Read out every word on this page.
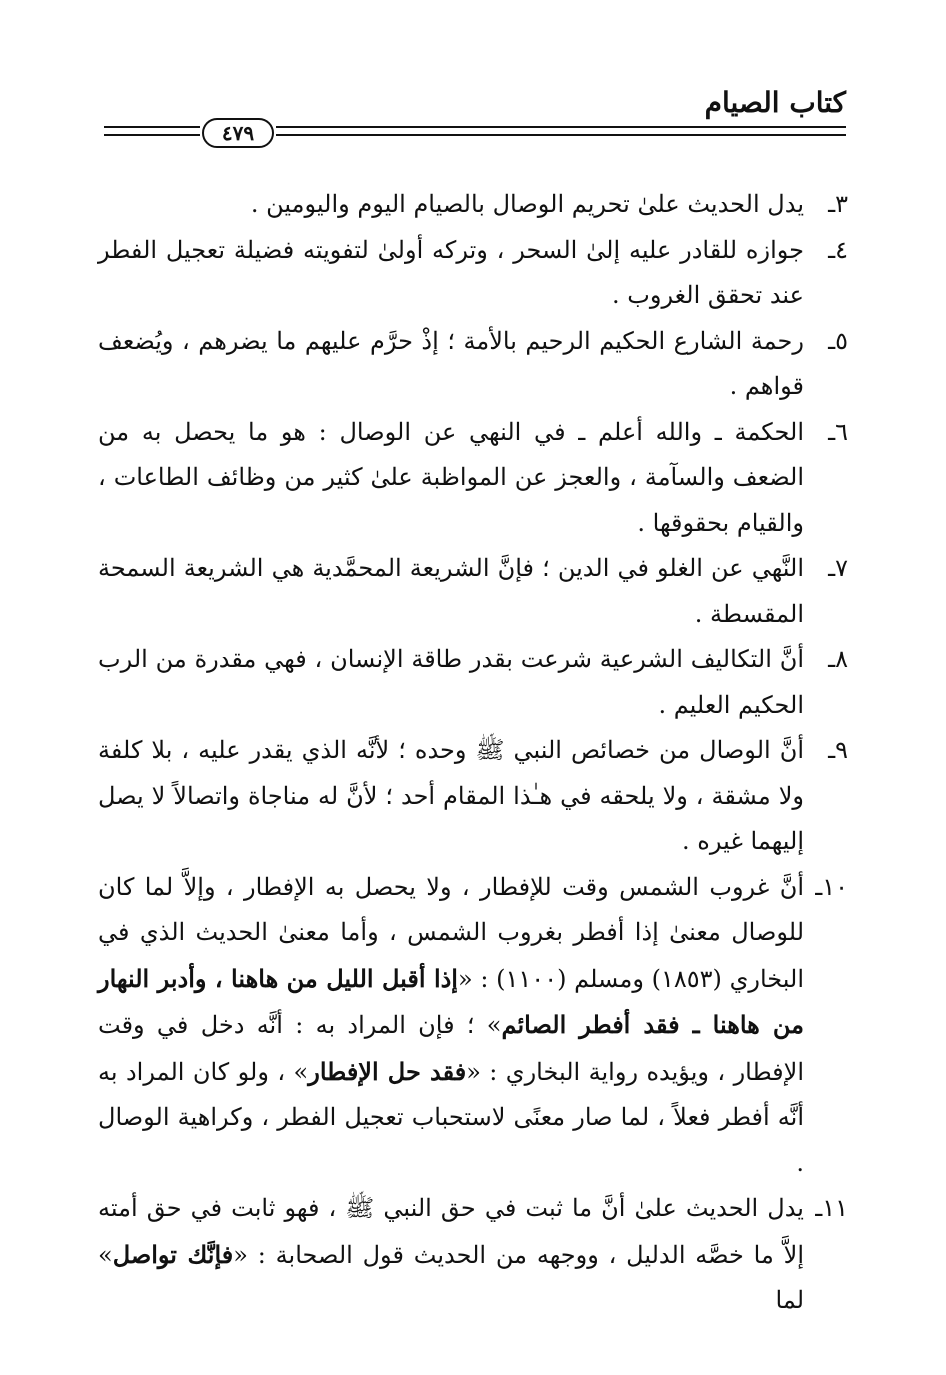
كتاب الصيام
٤٧٩

٣ـيدل الحديث علىٰ تحريم الوصال بالصيام اليوم واليومين .

٤ـجوازه للقادر عليه إلىٰ السحر ، وتركه أولىٰ لتفويته فضيلة تعجيل الفطر عند تحقق الغروب .

٥ـرحمة الشارع الحكيم الرحيم بالأمة ؛ إذْ حرَّم عليهم ما يضرهم ، ويُضعف قواهم .

٦ـالحكمة ـ والله أعلم ـ في النهي عن الوصال : هو ما يحصل به من الضعف والسآمة ، والعجز عن المواظبة علىٰ كثير من وظائف الطاعات ، والقيام بحقوقها .

٧ـالنَّهي عن الغلو في الدين ؛ فإنَّ الشريعة المحمَّدية هي الشريعة السمحة المقسطة .

٨ـأنَّ التكاليف الشرعية شرعت بقدر طاقة الإنسان ، فهي مقدرة من الرب الحكيم العليم .

٩ـأنَّ الوصال من خصائص النبي ﷺ وحده ؛ لأنَّه الذي يقدر عليه ، بلا كلفة ولا مشقة ، ولا يلحقه في هـٰذا المقام أحد ؛ لأنَّ له مناجاة واتصالاً لا يصل إليهما غيره .

١٠ـأنَّ غروب الشمس وقت للإفطار ، ولا يحصل به الإفطار ، وإلاَّ لما كان للوصال معنىٰ إذا أفطر بغروب الشمس ، وأما معنىٰ الحديث الذي في البخاري (١٨٥٣) ومسلم (١١٠٠) : «إذا أقبل الليل من هاهنا ، وأدبر النهار من هاهنا ـ فقد أفطر الصائم» ؛ فإن المراد به : أنَّه دخل في وقت الإفطار ، ويؤيده رواية البخاري : «فقد حل الإفطار» ، ولو كان المراد به أنَّه أفطر فعلاً ، لما صار معنًى لاستحباب تعجيل الفطر ، وكراهية الوصال .

١١ـيدل الحديث علىٰ أنَّ ما ثبت في حق النبي ﷺ ، فهو ثابت في حق أمته إلاَّ ما خصَّه الدليل ، ووجهه من الحديث قول الصحابة : «فإنَّك تواصل» لما
